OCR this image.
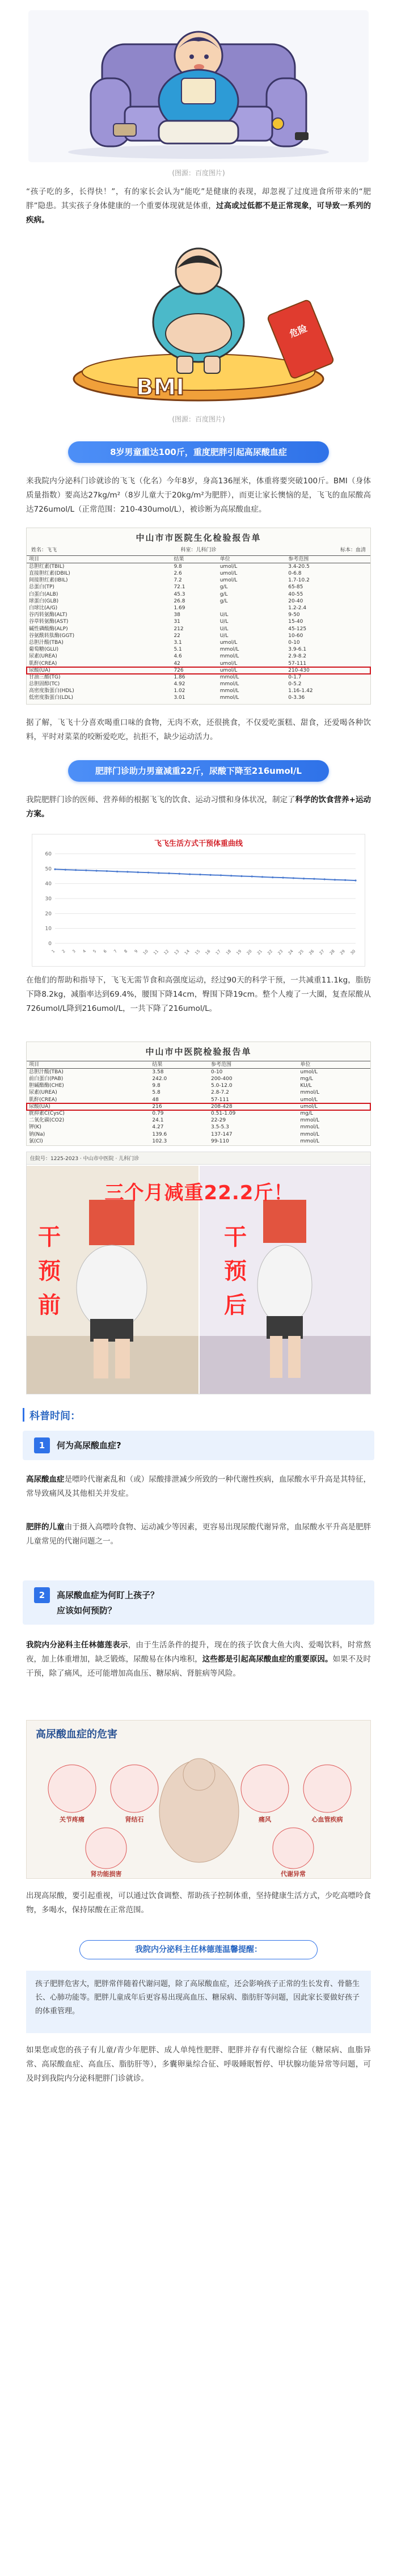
(图源：百度图片)
“孩子吃的多，长得快！”，有的家长会认为“能吃”是健康的表现，却忽视了过度进食所带来的“肥胖”隐患。其实孩子身体健康的一个重要体现就是体重，过高或过低都不是正常现象，可导致一系列的疾病。
BMI
危险
(图源：百度图片)
8岁男童重达100斤，重度肥胖引起高尿酸血症
来我院内分泌科门诊就诊的飞飞（化名）今年8岁，身高136厘米，体重将要突破100斤。BMI（身体质量指数）要高达27kg/m²（8岁儿童大于20kg/m²为肥胖），而更让家长懊恼的是，飞飞的血尿酸高达726umol/L（正常范围：210-430umol/L），被诊断为高尿酸血症。
中山市市医院生化检验报告单
姓名：飞飞	科室：儿科门诊	标本：血清
项目	结果	单位	参考范围
总胆红素(TBIL)	9.8	umol/L	3.4-20.5
直接胆红素(DBIL)	2.6	umol/L	0-6.8
间接胆红素(IBIL)	7.2	umol/L	1.7-10.2
总蛋白(TP)	72.1	g/L	65-85
白蛋白(ALB)	45.3	g/L	40-55
球蛋白(GLB)	26.8	g/L	20-40
白球比(A/G)	1.69		1.2-2.4
谷丙转氨酶(ALT)	38	U/L	9-50
谷草转氨酶(AST)	31	U/L	15-40
碱性磷酸酶(ALP)	212	U/L	45-125
谷氨酰转肽酶(GGT)	22	U/L	10-60
总胆汁酸(TBA)	3.1	umol/L	0-10
葡萄糖(GLU)	5.1	mmol/L	3.9-6.1
尿素(UREA)	4.6	mmol/L	2.9-8.2
肌酐(CREA)	42	umol/L	57-111
尿酸(UA)	726	umol/L	210-430
甘油三酯(TG)	1.86	mmol/L	0-1.7
总胆固醇(TC)	4.92	mmol/L	0-5.2
高密度脂蛋白(HDL)	1.02	mmol/L	1.16-1.42
低密度脂蛋白(LDL)	3.01	mmol/L	0-3.36
据了解，飞飞十分喜欢喝重口味的食物，无肉不欢，还很挑食，不仅爱吃蛋糕、甜食，还爱喝各种饮料，平时对菜菜的咬断爱吃吃，抗拒不，缺少运动活力。
肥胖门诊助力男童减重22斤，尿酸下降至216umol/L
我院肥胖门诊的医师、营养师的根据飞飞的饮食、运动习惯和身体状况，制定了科学的饮食营养+运动方案。
飞飞生活方式干预体重曲线
0
10
20
30
40
50
60
1 2 3 4 5 6 7 8 9 10 11 12 13 14 15 16 17 18 19 20 21 22 23 24 25 26 27 28 29 30
在他们的帮助和指导下，飞飞无需节食和高强度运动，经过90天的科学干预，一共减重11.1kg，脂肪下降8.2kg，减脂率达到69.4%，腰围下降14cm，臀围下降19cm。整个人瘦了一大圈，复查尿酸从726umol/L降到216umol/L，一共下降了216umol/L。
中山市中医院检验报告单
项目	结果	参考范围	单位
总胆汁酸(TBA)	3.58	0-10	umol/L
前白蛋白(PAB)	242.0	200-400	mg/L
胆碱酯酶(CHE)	9.8	5.0-12.0	KU/L
尿素(UREA)	5.8	2.8-7.2	mmol/L
肌酐(CREA)	48	57-111	umol/L
尿酸(UA)	216	208-428	umol/L
胱抑素C(CysC)	0.79	0.51-1.09	mg/L
二氧化碳(CO2)	24.1	22-29	mmol/L
钾(K)	4.27	3.5-5.3	mmol/L
钠(Na)	139.6	137-147	mmol/L
氯(Cl)	102.3	99-110	mmol/L
住院号：1225-2023 · 中山市中医院 · 儿科门诊
三个月减重22.2斤！
干预前
干预后
科普时间：
1	何为高尿酸血症?
高尿酸血症是嘌呤代谢紊乱和（或）尿酸排泄减少所致的一种代谢性疾病，血尿酸水平升高是其特征，常导致痛风及其他相关并发症。
肥胖的儿童由于摄入高嘌呤食物、运动减少等因素，更容易出现尿酸代谢异常，血尿酸水平升高是肥胖儿童常见的代谢问题之一。
2	高尿酸血症为何盯上孩子？
应该如何预防？
我院内分泌科主任林德莲表示，由于生活条件的提升，现在的孩子饮食大鱼大肉、爱喝饮料，时常熬夜，加上体重增加，缺乏锻炼，尿酸易在体内堆积，这些都是引起高尿酸血症的重要原因。如果不及时干预，除了痛风，还可能增加高血压、糖尿病、肾脏病等风险。
高尿酸血症的危害
关节疼痛	肾结石	痛风	心血管疾病
肾功能损害	代谢异常
出现高尿酸，要引起重视，可以通过饮食调整、帮助孩子控制体重，坚持健康生活方式，少吃高嘌呤食物，多喝水，保持尿酸在正常范围。
我院内分泌科主任林德莲温馨提醒：
孩子肥胖危害大，肥胖常伴随着代谢问题，除了高尿酸血症，还会影响孩子正常的生长发育、骨骼生长、心肺功能等。肥胖儿童成年后更容易出现高血压、糖尿病、脂肪肝等问题，因此家长要做好孩子的体重管理。
如果您或您的孩子有儿童/青少年肥胖、成人单纯性肥胖、肥胖并存有代谢综合征（糖尿病、血脂异常、高尿酸血症、高血压、脂肪肝等），多囊卵巢综合征、呼吸睡眠暂停、甲状腺功能异常等问题，可及时到我院内分泌科肥胖门诊就诊。
